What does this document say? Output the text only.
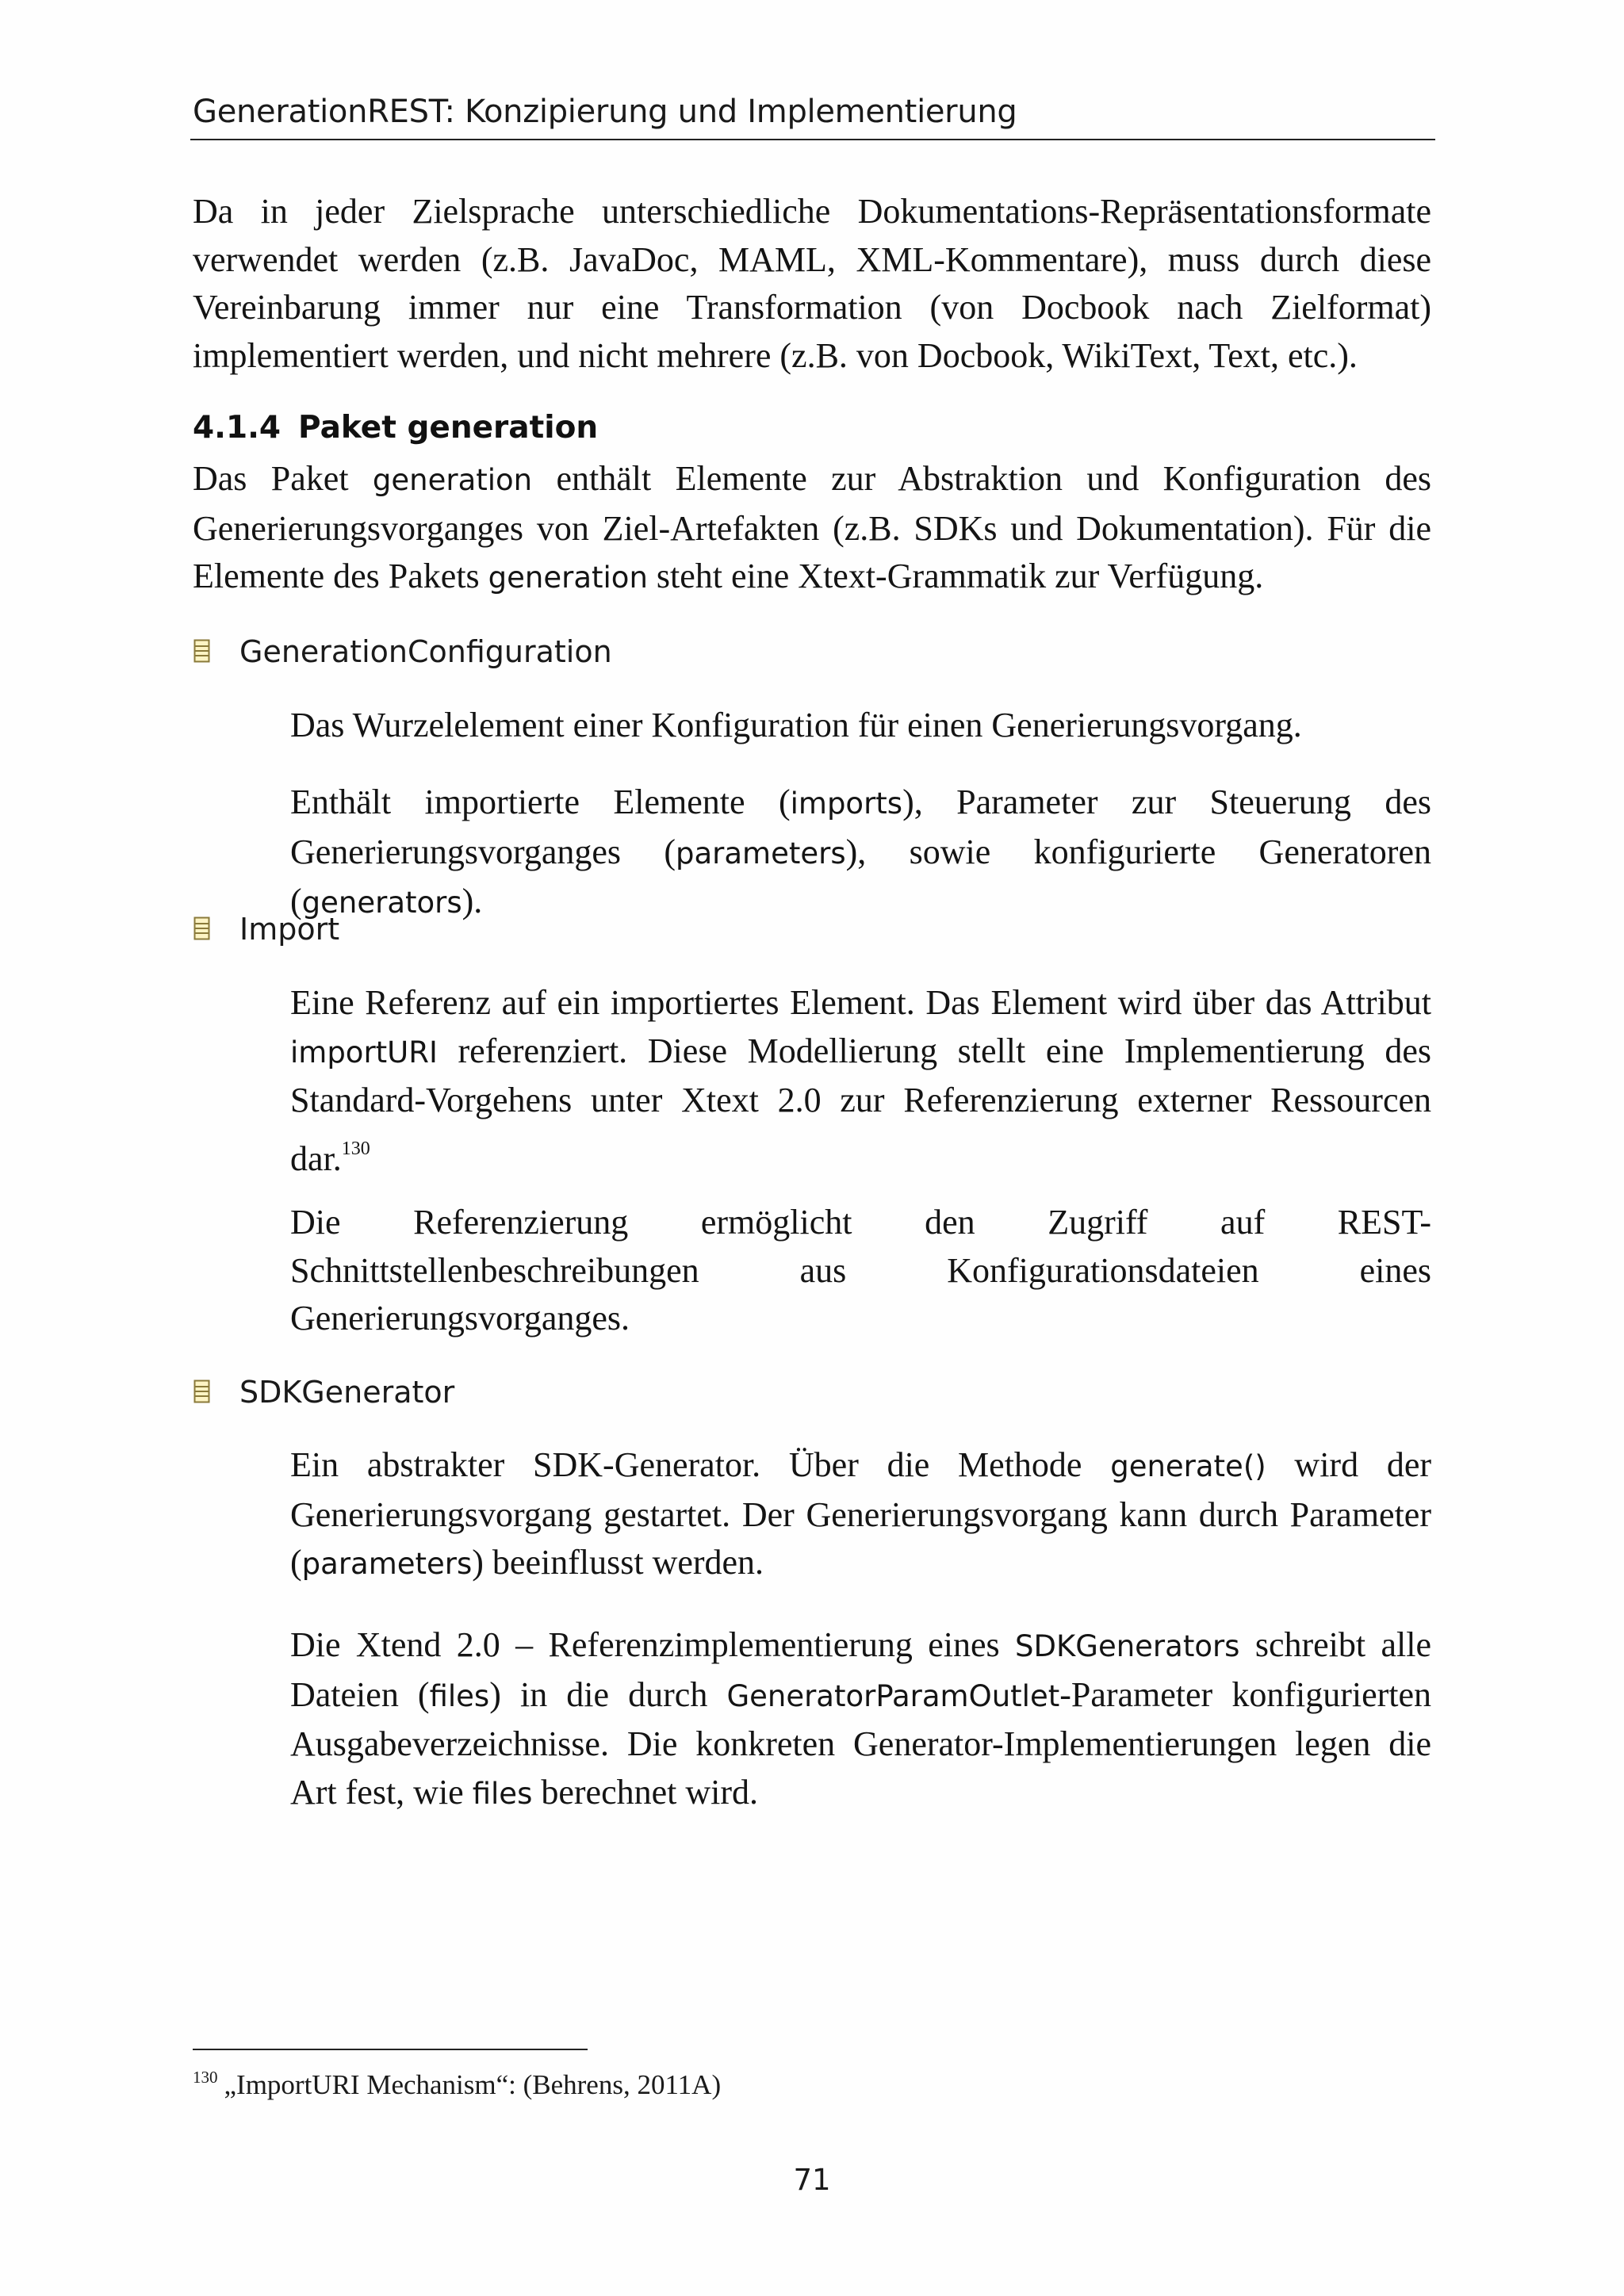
GenerationREST: Konzipierung und Implementierung

Da in jeder Zielsprache unterschiedliche Dokumentations-Repräsentationsformate verwendet werden (z.B. JavaDoc, MAML, XML-Kommentare), muss durch diese Vereinbarung immer nur eine Transformation (von Docbook nach Zielformat) implementiert werden, und nicht mehrere (z.B. von Docbook, WikiText, Text, etc.).

4.1.4 Paket generation

Das Paket generation enthält Elemente zur Abstraktion und Konfiguration des Generierungsvorganges von Ziel-Artefakten (z.B. SDKs und Dokumentation). Für die Elemente des Pakets generation steht eine Xtext-Grammatik zur Verfügung.

GenerationConfiguration

Das Wurzelelement einer Konfiguration für einen Generierungsvorgang.

Enthält importierte Elemente (imports), Parameter zur Steuerung des Generierungsvorganges (parameters), sowie konfigurierte Generatoren (generators).

Import

Eine Referenz auf ein importiertes Element. Das Element wird über das Attribut importURI referenziert. Diese Modellierung stellt eine Implementierung des Standard-Vorgehens unter Xtext 2.0 zur Referenzierung externer Ressourcen dar.$^{130}$

Die Referenzierung ermöglicht den Zugriff auf REST-Schnittstellenbeschreibungen aus Konfigurationsdateien eines Generierungsvorganges.

SDKGenerator

Ein abstrakter SDK-Generator. Über die Methode generate() wird der Generierungsvorgang gestartet. Der Generierungsvorgang kann durch Parameter (parameters) beeinflusst werden.

Die Xtend 2.0 – Referenzimplementierung eines SDKGenerators schreibt alle Dateien (files) in die durch GeneratorParamOutlet-Parameter konfigurierten Ausgabeverzeichnisse. Die konkreten Generator-Implementierungen legen die Art fest, wie files berechnet wird.

$^{130}$ „ImportURI Mechanism“: (Behrens, 2011A)
71
